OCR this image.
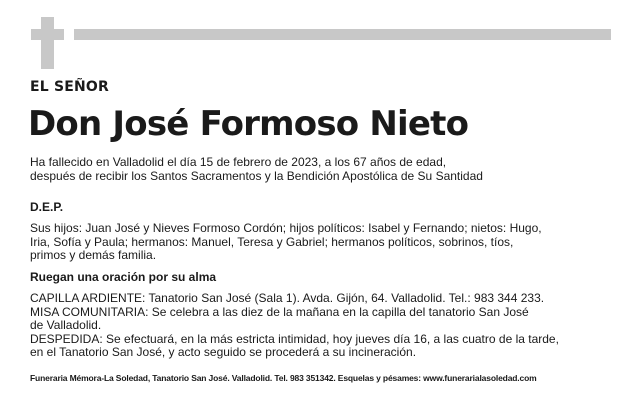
EL SEÑOR
Don José Formoso Nieto

Ha fallecido en Valladolid el día 15 de febrero de 2023, a los 67 años de edad,
después de recibir los Santos Sacramentos y la Bendición Apostólica de Su Santidad

D.E.P.

Sus hijos: Juan José y Nieves Formoso Cordón; hijos políticos: Isabel y Fernando; nietos: Hugo,
Iria, Sofía y Paula; hermanos: Manuel, Teresa y Gabriel; hermanos políticos, sobrinos, tíos,
primos y demás familia.

Ruegan una oración por su alma

CAPILLA ARDIENTE: Tanatorio San José (Sala 1). Avda. Gijón, 64. Valladolid. Tel.: 983 344 233.
MISA COMUNITARIA: Se celebra a las diez de la mañana en la capilla del tanatorio San José
de Valladolid.
DESPEDIDA: Se efectuará, en la más estricta intimidad, hoy jueves día 16, a las cuatro de la tarde,
en el Tanatorio San José, y acto seguido se procederá a su incineración.

Funeraria Mémora-La Soledad, Tanatorio San José. Valladolid. Tel. 983 351342. Esquelas y pésames: www.funerarialasoledad.com
